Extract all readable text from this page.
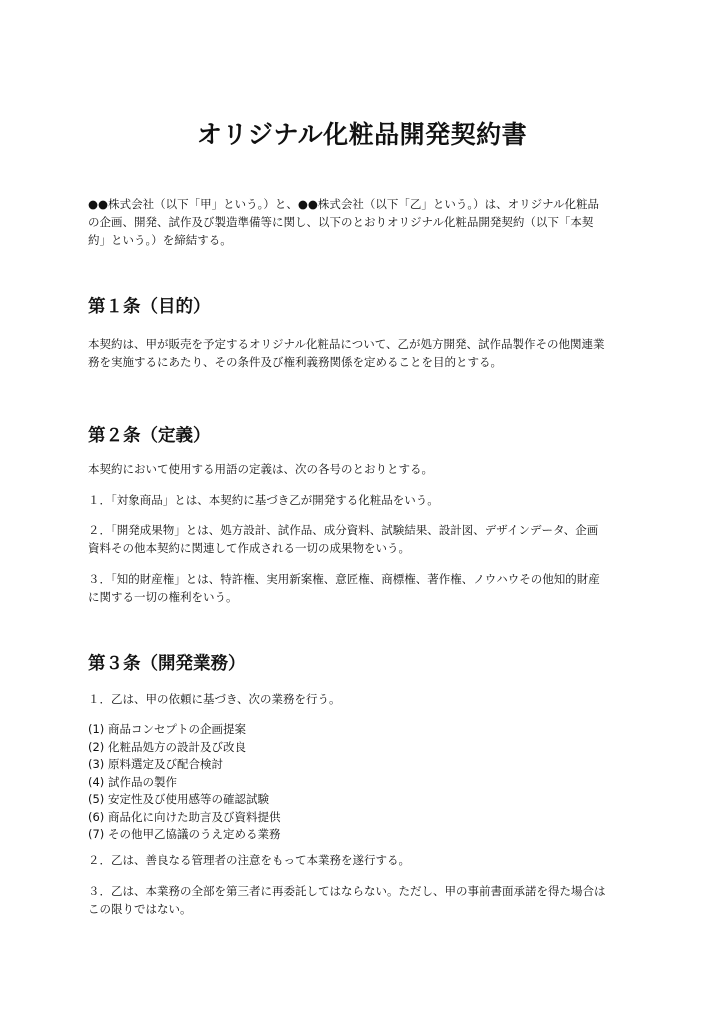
オリジナル化粧品開発契約書
●●株式会社（以下「甲」という。）と、●●株式会社（以下「乙」という。）は、オリジナル化粧品
の企画、開発、試作及び製造準備等に関し、以下のとおりオリジナル化粧品開発契約（以下「本契
約」という。）を締結する。
第１条（目的）
本契約は、甲が販売を予定するオリジナル化粧品について、乙が処方開発、試作品製作その他関連業
務を実施するにあたり、その条件及び権利義務関係を定めることを目的とする。
第２条（定義）
本契約において使用する用語の定義は、次の各号のとおりとする。
１．「対象商品」とは、本契約に基づき乙が開発する化粧品をいう。
２．「開発成果物」とは、処方設計、試作品、成分資料、試験結果、設計図、デザインデータ、企画
資料その他本契約に関連して作成される一切の成果物をいう。
３．「知的財産権」とは、特許権、実用新案権、意匠権、商標権、著作権、ノウハウその他知的財産
に関する一切の権利をいう。
第３条（開発業務）
１．乙は、甲の依頼に基づき、次の業務を行う。
(1) 商品コンセプトの企画提案
(2) 化粧品処方の設計及び改良
(3) 原料選定及び配合検討
(4) 試作品の製作
(5) 安定性及び使用感等の確認試験
(6) 商品化に向けた助言及び資料提供
(7) その他甲乙協議のうえ定める業務
２．乙は、善良なる管理者の注意をもって本業務を遂行する。
３．乙は、本業務の全部を第三者に再委託してはならない。ただし、甲の事前書面承諾を得た場合は
この限りではない。
